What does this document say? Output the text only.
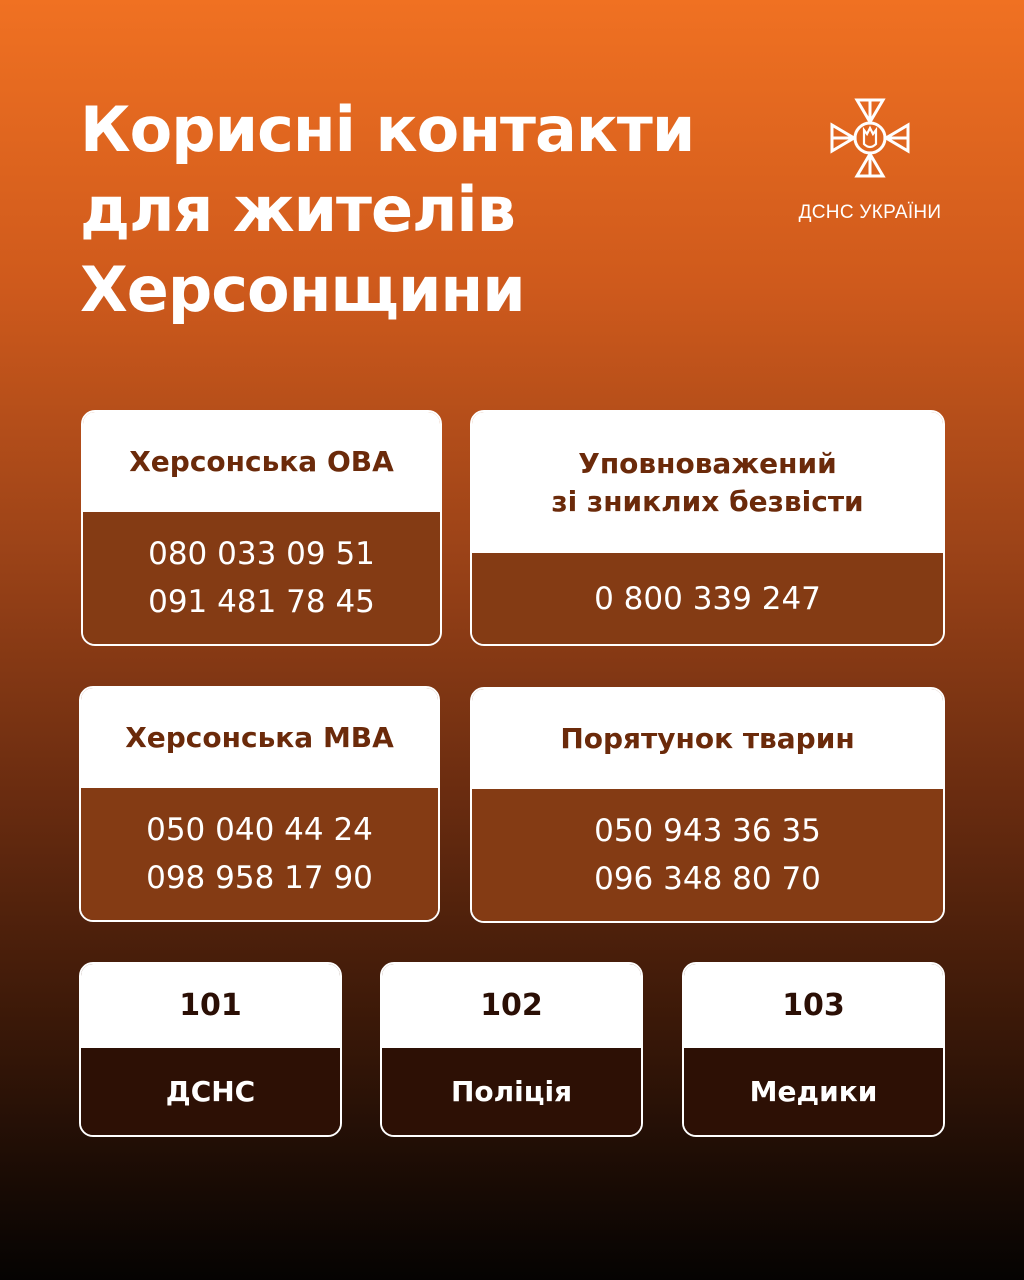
Корисні контакти
для жителів
Херсонщини
ДСНС УКРАЇНИ
Херсонська ОВА
080 033 09 51
091 481 78 45
Уповноважений
зі зниклих безвісти
0 800 339 247
Херсонська МВА
050 040 44 24
098 958 17 90
Порятунок тварин
050 943 36 35
096 348 80 70
101
ДСНС
102
Поліція
103
Медики
